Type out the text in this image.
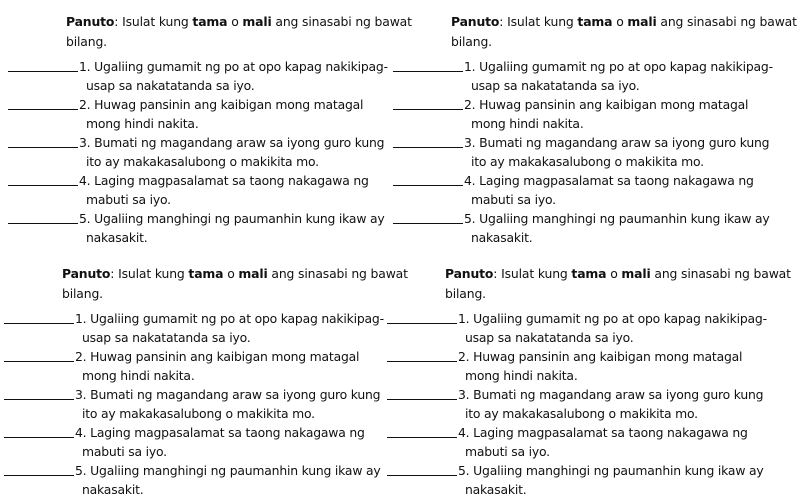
Panuto: Isulat kung tama o mali ang sinasabi ng bawat
bilang.
1. Ugaliing gumamit ng po at opo kapag nakikipag-
usap sa nakatatanda sa iyo.
2. Huwag pansinin ang kaibigan mong matagal
mong hindi nakita.
3. Bumati ng magandang araw sa iyong guro kung
ito ay makakasalubong o makikita mo.
4. Laging magpasalamat sa taong nakagawa ng
mabuti sa iyo.
5. Ugaliing manghingi ng paumanhin kung ikaw ay
nakasakit.
Panuto: Isulat kung tama o mali ang sinasabi ng bawat
bilang.
1. Ugaliing gumamit ng po at opo kapag nakikipag-
usap sa nakatatanda sa iyo.
2. Huwag pansinin ang kaibigan mong matagal
mong hindi nakita.
3. Bumati ng magandang araw sa iyong guro kung
ito ay makakasalubong o makikita mo.
4. Laging magpasalamat sa taong nakagawa ng
mabuti sa iyo.
5. Ugaliing manghingi ng paumanhin kung ikaw ay
nakasakit.
Panuto: Isulat kung tama o mali ang sinasabi ng bawat
bilang.
1. Ugaliing gumamit ng po at opo kapag nakikipag-
usap sa nakatatanda sa iyo.
2. Huwag pansinin ang kaibigan mong matagal
mong hindi nakita.
3. Bumati ng magandang araw sa iyong guro kung
ito ay makakasalubong o makikita mo.
4. Laging magpasalamat sa taong nakagawa ng
mabuti sa iyo.
5. Ugaliing manghingi ng paumanhin kung ikaw ay
nakasakit.
Panuto: Isulat kung tama o mali ang sinasabi ng bawat
bilang.
1. Ugaliing gumamit ng po at opo kapag nakikipag-
usap sa nakatatanda sa iyo.
2. Huwag pansinin ang kaibigan mong matagal
mong hindi nakita.
3. Bumati ng magandang araw sa iyong guro kung
ito ay makakasalubong o makikita mo.
4. Laging magpasalamat sa taong nakagawa ng
mabuti sa iyo.
5. Ugaliing manghingi ng paumanhin kung ikaw ay
nakasakit.
